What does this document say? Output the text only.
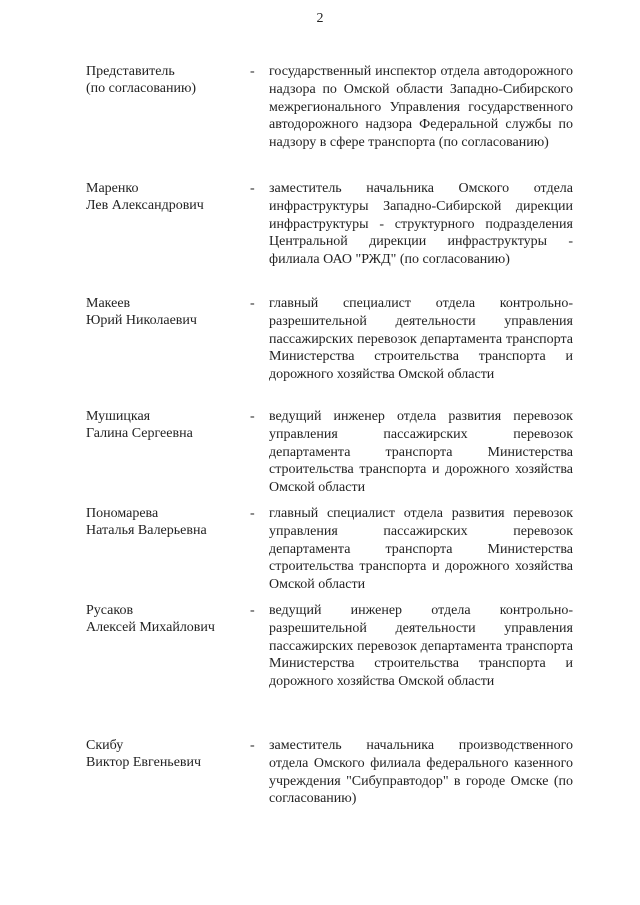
2
Представитель
(по согласованию)
- государственный инспектор отдела автодорожного надзора по Омской области Западно-Сибирского межрегионального Управления государственного автодорожного надзора Федеральной службы по надзору в сфере транспорта (по согласованию)
Маренко
Лев Александрович
- заместитель начальника Омского отдела инфраструктуры Западно-Сибирской дирекции инфраструктуры - структурного подразделения Центральной дирекции инфраструктуры - филиала ОАО "РЖД" (по согласованию)
Макеев
Юрий Николаевич
- главный специалист отдела контрольно-разрешительной деятельности управления пассажирских перевозок департамента транспорта Министерства строительства транспорта и дорожного хозяйства Омской области
Мушицкая
Галина Сергеевна
- ведущий инженер отдела развития перевозок управления пассажирских перевозок департамента транспорта Министерства строительства транспорта и дорожного хозяйства Омской области
Пономарева
Наталья Валерьевна
- главный специалист отдела развития перевозок управления пассажирских перевозок департамента транспорта Министерства строительства транспорта и дорожного хозяйства Омской области
Русаков
Алексей Михайлович
- ведущий инженер отдела контрольно-разрешительной деятельности управления пассажирских перевозок департамента транспорта Министерства строительства транспорта и дорожного хозяйства Омской области
Скибу
Виктор Евгеньевич
- заместитель начальника производственного отдела Омского филиала федерального казенного учреждения "Сибуправтодор" в городе Омске (по согласованию)
